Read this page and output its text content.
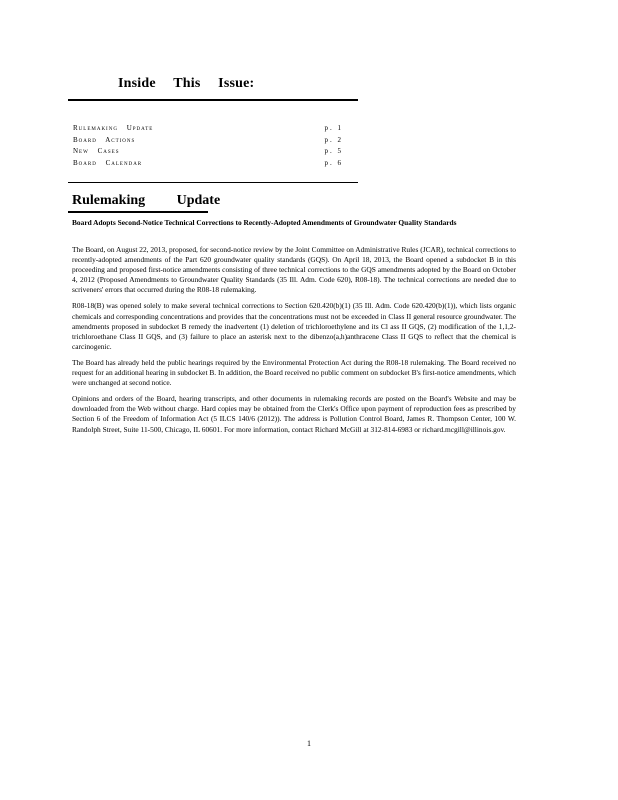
Inside This Issue:
Rulemaking Update	p. 1
Board Actions	p. 2
New Cases	p. 5
Board Calendar	p. 6
Rulemaking Update
Board Adopts Second-Notice Technical Corrections to Recently-Adopted Amendments of Groundwater Quality Standards

The Board, on August 22, 2013, proposed, for second-notice review by the Joint Committee on Administrative Rules (JCAR), technical corrections to recently-adopted amendments of the Part 620 groundwater quality standards (GQS). On April 18, 2013, the Board opened a subdocket B in this proceeding and proposed first-notice amendments consisting of three technical corrections to the GQS amendments adopted by the Board on October 4, 2012 (Proposed Amendments to Groundwater Quality Standards (35 Ill. Adm. Code 620), R08-18). The technical corrections are needed due to scriveners' errors that occurred during the R08-18 rulemaking.

R08-18(B) was opened solely to make several technical corrections to Section 620.420(b)(1) (35 Ill. Adm. Code 620.420(b)(1)), which lists organic chemicals and corresponding concentrations and provides that the concentrations must not be exceeded in Class II general resource groundwater. The amendments proposed in subdocket B remedy the inadvertent (1) deletion of trichloroethylene and its Cl ass II GQS, (2) modification of the 1,1,2-trichloroethane Class II GQS, and (3) failure to place an asterisk next to the dibenzo(a,h)anthracene Class II GQS to reflect that the chemical is carcinogenic.

The Board has already held the public hearings required by the Environmental Protection Act during the R08-18 rulemaking. The Board received no request for an additional hearing in subdocket B. In addition, the Board received no public comment on subdocket B's first-notice amendments, which were unchanged at second notice.

Opinions and orders of the Board, hearing transcripts, and other documents in rulemaking records are posted on the Board's Website and may be downloaded from the Web without charge. Hard copies may be obtained from the Clerk's Office upon payment of reproduction fees as prescribed by Section 6 of the Freedom of Information Act (5 ILCS 140/6 (2012)). The address is Pollution Control Board, James R. Thompson Center, 100 W. Randolph Street, Suite 11-500, Chicago, IL 60601. For more information, contact Richard McGill at 312-814-6983 or richard.mcgill@illinois.gov.

1
